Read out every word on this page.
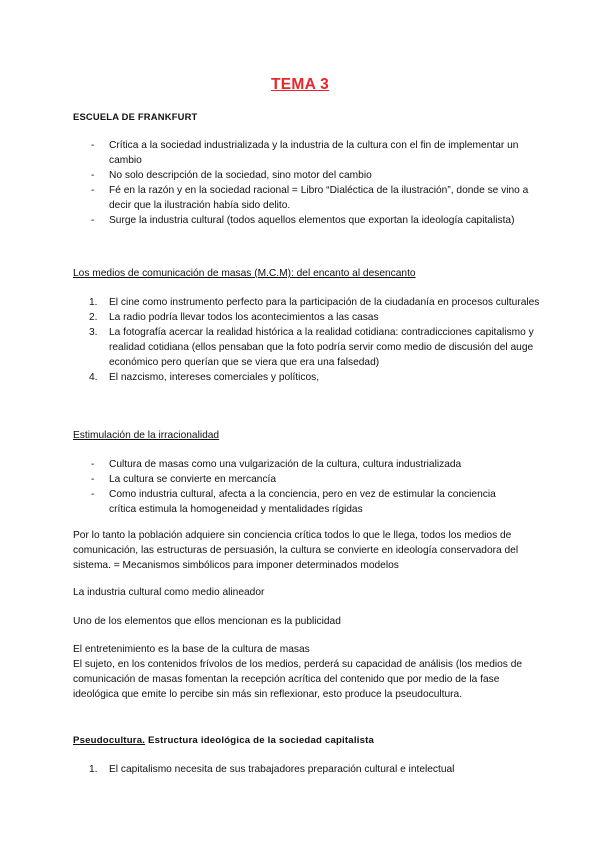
TEMA 3
ESCUELA DE FRANKFURT
- Crítica a la sociedad industrializada y la industria de la cultura con el fin de implementar un cambio
- No solo descripción de la sociedad, sino motor del cambio
- Fé en la razón y en la sociedad racional = Libro “Dialéctica de la ilustración”, donde se vino a decir que la ilustración había sido delito.
- Surge la industria cultural (todos aquellos elementos que exportan la ideología capitalista)
Los medios de comunicación de masas (M.C.M): del encanto al desencanto
1. El cine como instrumento perfecto para la participación de la ciudadanía en procesos culturales
2. La radio podría llevar todos los acontecimientos a las casas
3. La fotografía acercar la realidad histórica a la realidad cotidiana: contradicciones capitalismo y realidad cotidiana (ellos pensaban que la foto podría servir como medio de discusión del auge económico pero querían que se viera que era una falsedad)
4. El nazcismo, intereses comerciales y políticos,
Estimulación de la irracionalidad
- Cultura de masas como una vulgarización de la cultura, cultura industrializada
- La cultura se convierte en mercancía
- Como industria cultural, afecta a la conciencia, pero en vez de estimular la conciencia crítica estimula la homogeneidad y mentalidades rígidas
Por lo tanto la población adquiere sin conciencia crítica todos lo que le llega, todos los medios de comunicación, las estructuras de persuasión, la cultura se convierte en ideología conservadora del sistema. = Mecanismos simbólicos para imponer determinados modelos
La industria cultural como medio alineador
Uno de los elementos que ellos mencionan es la publicidad
El entretenimiento es la base de la cultura de masas
El sujeto, en los contenidos frívolos de los medios, perderá su capacidad de análisis (los medios de comunicación de masas fomentan la recepción acrítica del contenido que por medio de la fase ideológica que emite lo percibe sin más sin reflexionar, esto produce la pseudocultura.
Pseudocultura. Estructura ideológica de la sociedad capitalista
1. El capitalismo necesita de sus trabajadores preparación cultural e intelectual
